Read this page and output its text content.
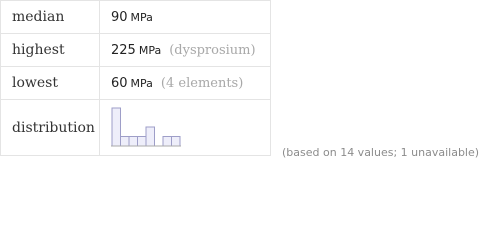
median	90 MPa
highest	225 MPa (dysprosium)
lowest	60 MPa (4 elements)
distribution	
(based on 14 values; 1 unavailable)
